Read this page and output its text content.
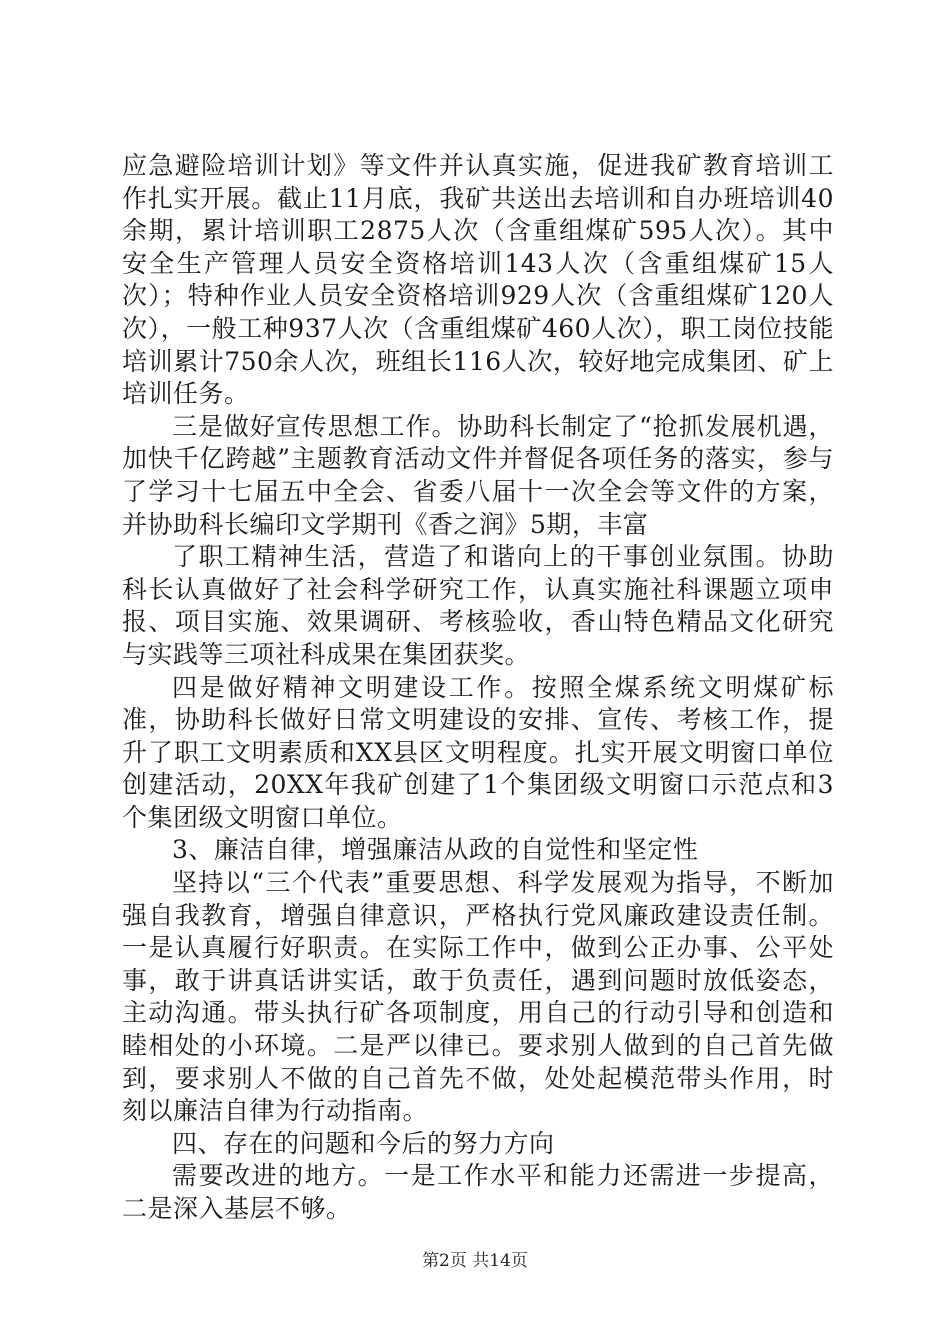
应急避险培训计划》等文件并认真实施，促进我矿教育培训工作扎实开展。截止11月底，我矿共送出去培训和自办班培训40余期，累计培训职工2875人次（含重组煤矿595人次）。其中安全生产管理人员安全资格培训143人次（含重组煤矿15人次）；特种作业人员安全资格培训929人次（含重组煤矿120人次），一般工种937人次（含重组煤矿460人次），职工岗位技能培训累计750余人次，班组长116人次，较好地完成集团、矿上培训任务。

三是做好宣传思想工作。协助科长制定了“抢抓发展机遇，加快千亿跨越”主题教育活动文件并督促各项任务的落实，参与了学习十七届五中全会、省委八届十一次全会等文件的方案，并协助科长编印文学期刊《香之润》5期，丰富

了职工精神生活，营造了和谐向上的干事创业氛围。协助科长认真做好了社会科学研究工作，认真实施社科课题立项申报、项目实施、效果调研、考核验收，香山特色精品文化研究与实践等三项社科成果在集团获奖。

四是做好精神文明建设工作。按照全煤系统文明煤矿标准，协助科长做好日常文明建设的安排、宣传、考核工作，提升了职工文明素质和XX县区文明程度。扎实开展文明窗口单位创建活动，20XX年我矿创建了1个集团级文明窗口示范点和3个集团级文明窗口单位。

3、廉洁自律，增强廉洁从政的自觉性和坚定性

坚持以“三个代表”重要思想、科学发展观为指导，不断加强自我教育，增强自律意识，严格执行党风廉政建设责任制。一是认真履行好职责。在实际工作中，做到公正办事、公平处事，敢于讲真话讲实话，敢于负责任，遇到问题时放低姿态，主动沟通。带头执行矿各项制度，用自己的行动引导和创造和睦相处的小环境。二是严以律已。要求别人做到的自己首先做到，要求别人不做的自己首先不做，处处起模范带头作用，时刻以廉洁自律为行动指南。

四、存在的问题和今后的努力方向

需要改进的地方。一是工作水平和能力还需进一步提高，二是深入基层不够。

第2页 共14页
